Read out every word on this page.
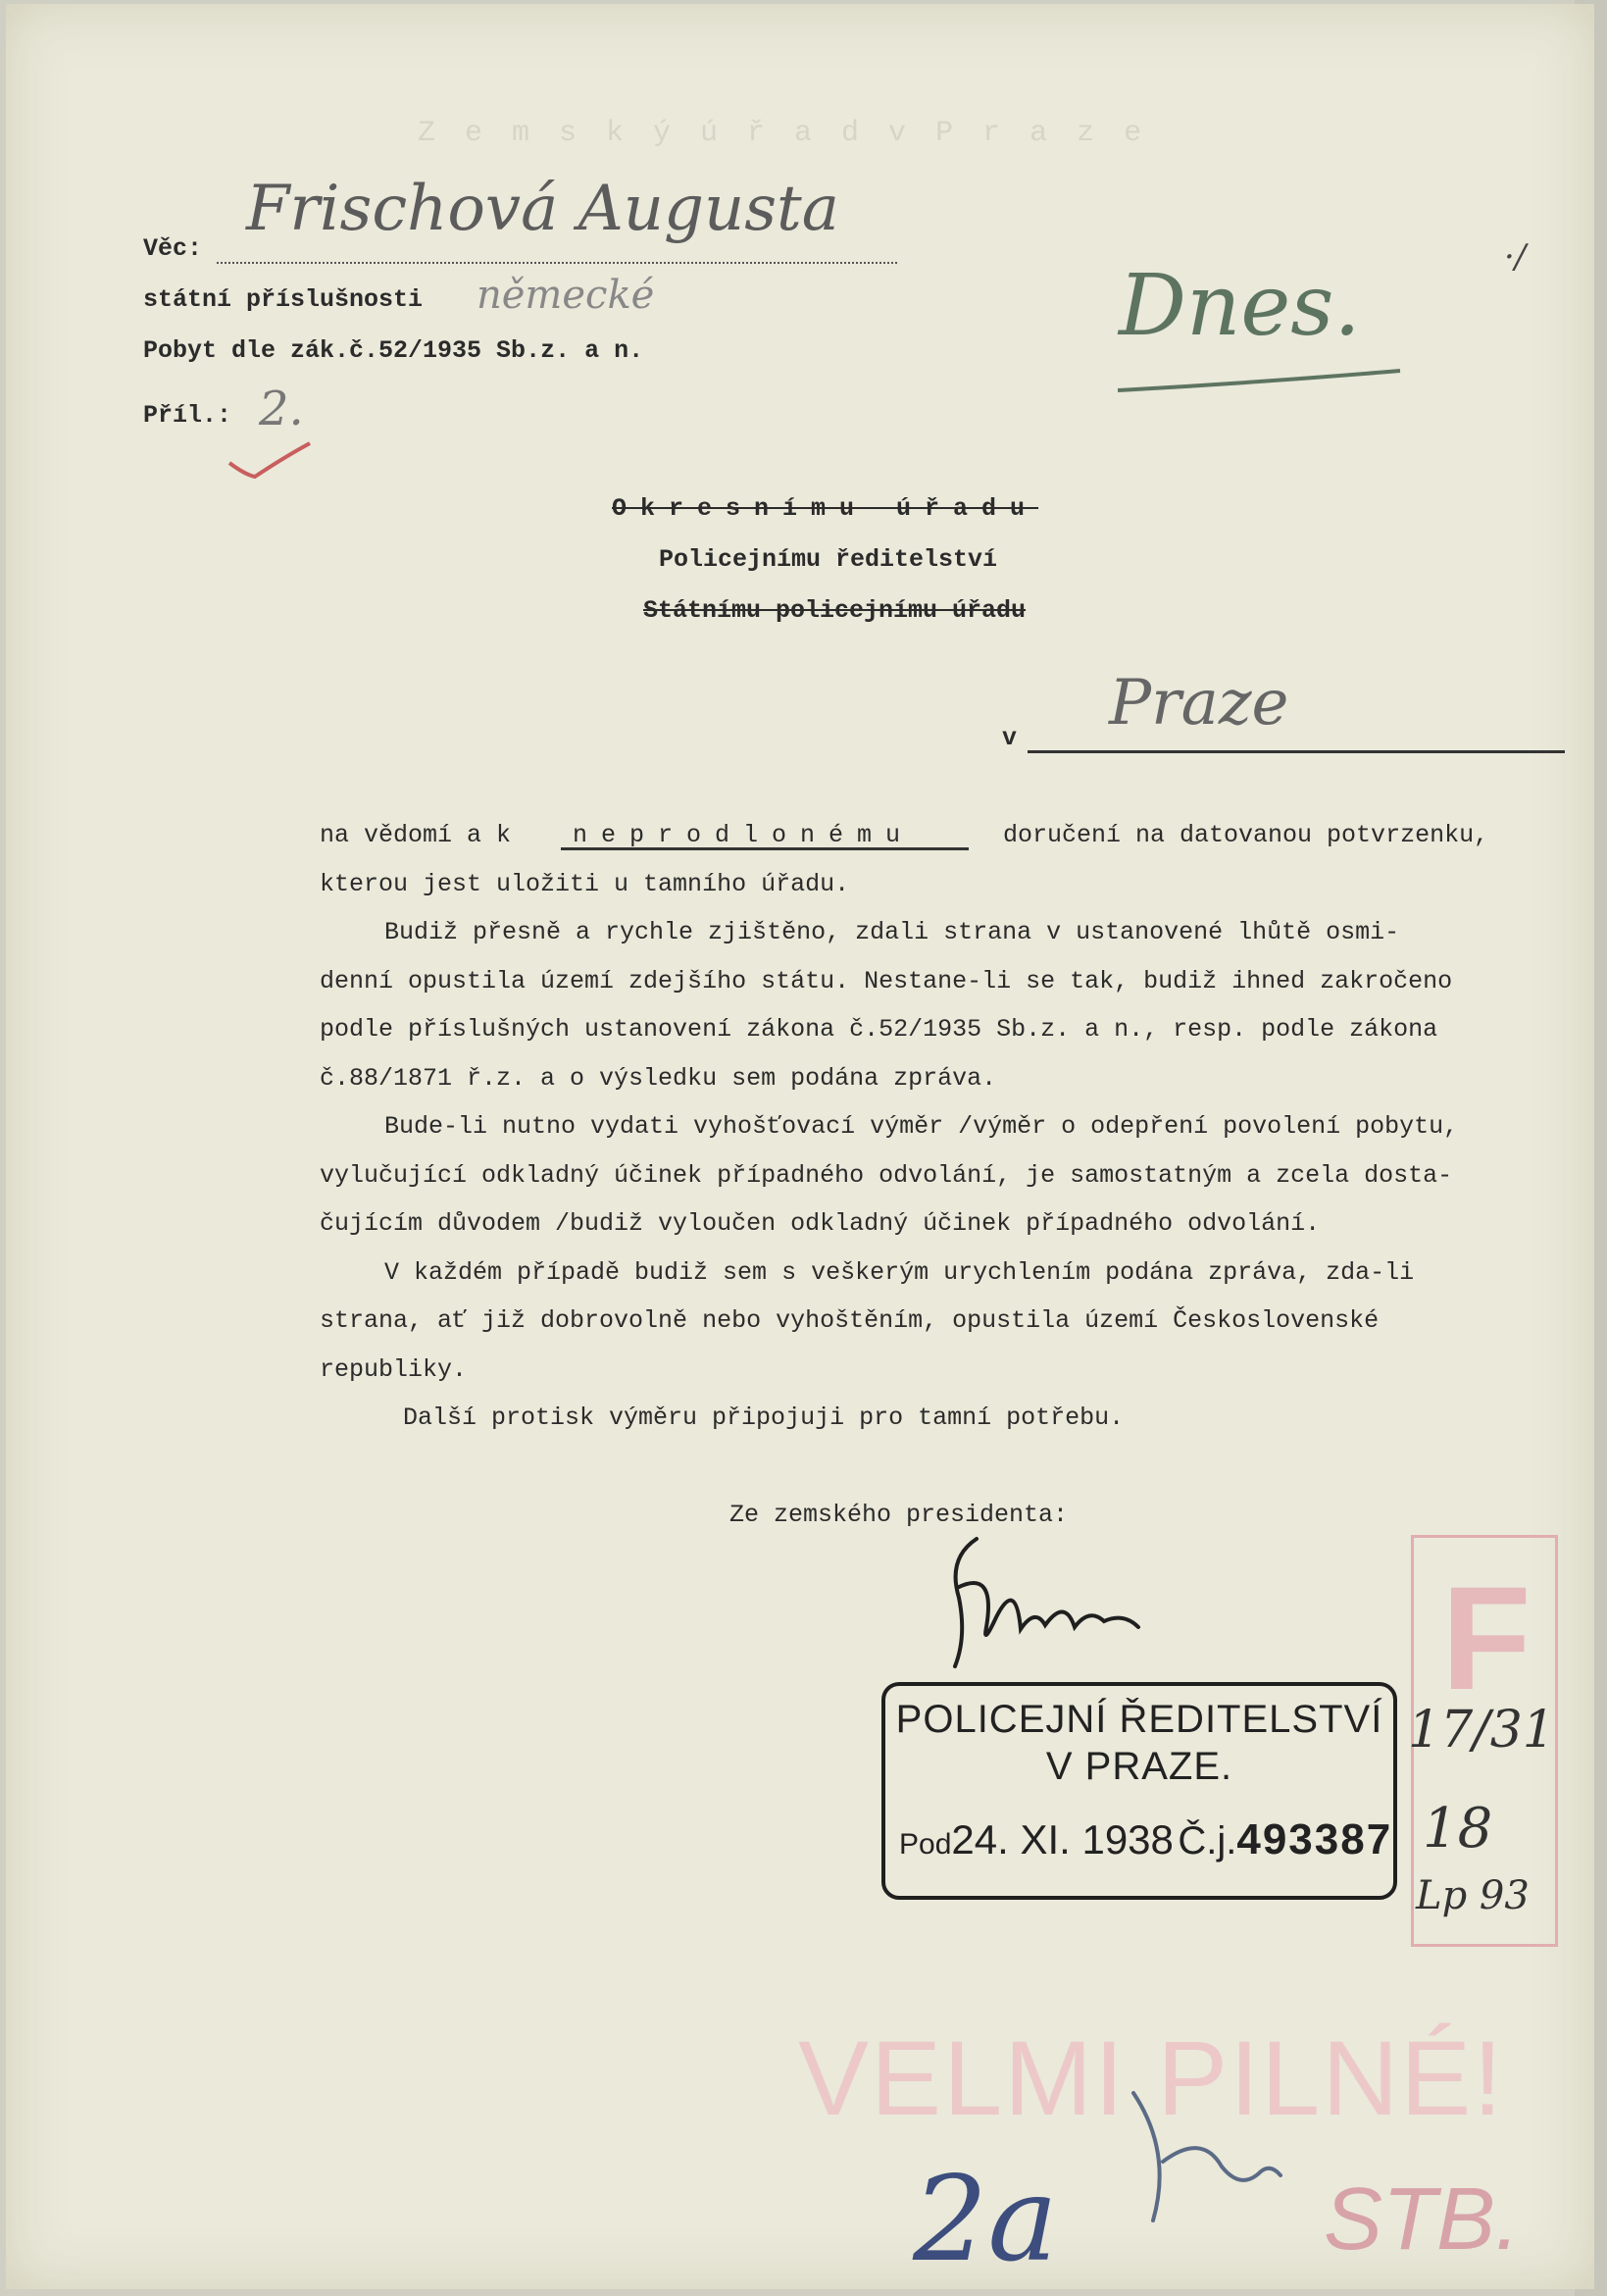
Z e m s k ý ú ř a d v P r a z e
Věc:
Frischová Augusta
státní příslušnosti německé
Pobyt dle zák.č.52/1935 Sb.z. a n.
Příl.: 2.
Dnes.	·/
Okresnímu úřadu
Policejnímu ředitelství
Státnímu policejnímu úřadu
v Praze
na vědomí a k	neprodlonému	doručení na datovanou potvrzenku,
kterou jest uložiti u tamního úřadu.
Budiž přesně a rychle zjištěno, zdali strana v ustanovené lhůtě osmi-
denní opustila území zdejšího státu. Nestane-li se tak, budiž ihned zakročeno
podle příslušných ustanovení zákona č.52/1935 Sb.z. a n., resp. podle zákona
č.88/1871 ř.z. a o výsledku sem podána zpráva.
Bude-li nutno vydati vyhošťovací výměr /výměr o odepření povolení pobytu,
vylučující odkladný účinek případného odvolání, je samostatným a zcela dosta-
čujícím důvodem /budiž vyloučen odkladný účinek případného odvolání.
V každém případě budiž sem s veškerým urychlením podána zpráva, zda-li
strana, ať již dobrovolně nebo vyhoštěním, opustila území Československé
republiky.
Další protisk výměru připojuji pro tamní potřebu.
Ze zemského presidenta:
POLICEJNÍ ŘEDITELSTVÍ
V PRAZE.
Pod24. XI. 1938 Č.j.493387
F
17/31
18
Lp 93
VELMI PILNÉ!
STB.
2a
